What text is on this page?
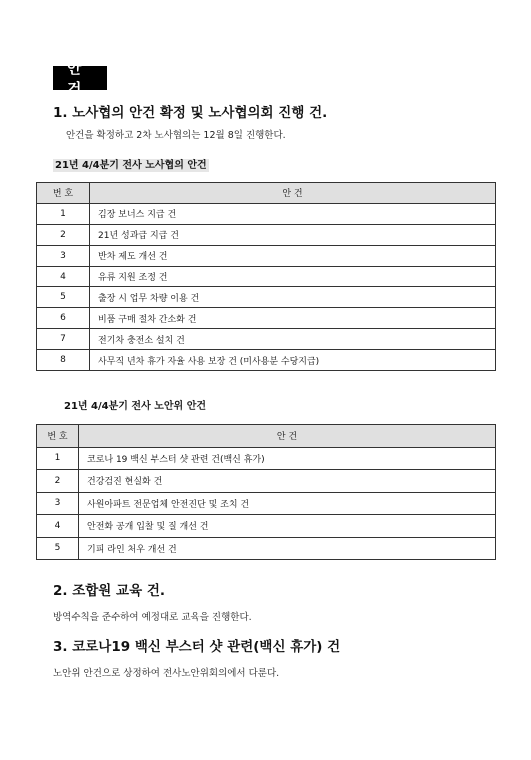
안 건
1. 노사협의 안건 확정 및 노사협의회 진행 건.
안건을 확정하고 2차 노사협의는 12월 8일 진행한다.
21년 4/4분기 전사 노사협의 안건
번 호	안 건
1	김장 보너스 지급 건
2	21년 성과급 지급 건
3	반차 제도 개선 건
4	유류 지원 조정 건
5	출장 시 업무 차량 이용 건
6	비품 구매 절차 간소화 건
7	전기차 충전소 설치 건
8	사무직 년차 휴가 자율 사용 보장 건 (미사용분 수당지급)
21년 4/4분기 전사 노안위 안건
번 호	안 건
1	코로나 19 백신 부스터 샷 관련 건(백신 휴가)
2	건강검진 현실화 건
3	사원아파트 전문업체 안전진단 및 조치 건
4	안전화 공개 입찰 및 질 개선 건
5	기피 라인 처우 개선 건
2. 조합원 교육 건.
방역수칙을 준수하여 예정대로 교육을 진행한다.
3. 코로나19 백신 부스터 샷 관련(백신 휴가) 건
노안위 안건으로 상정하여 전사노안위회의에서 다룬다.
